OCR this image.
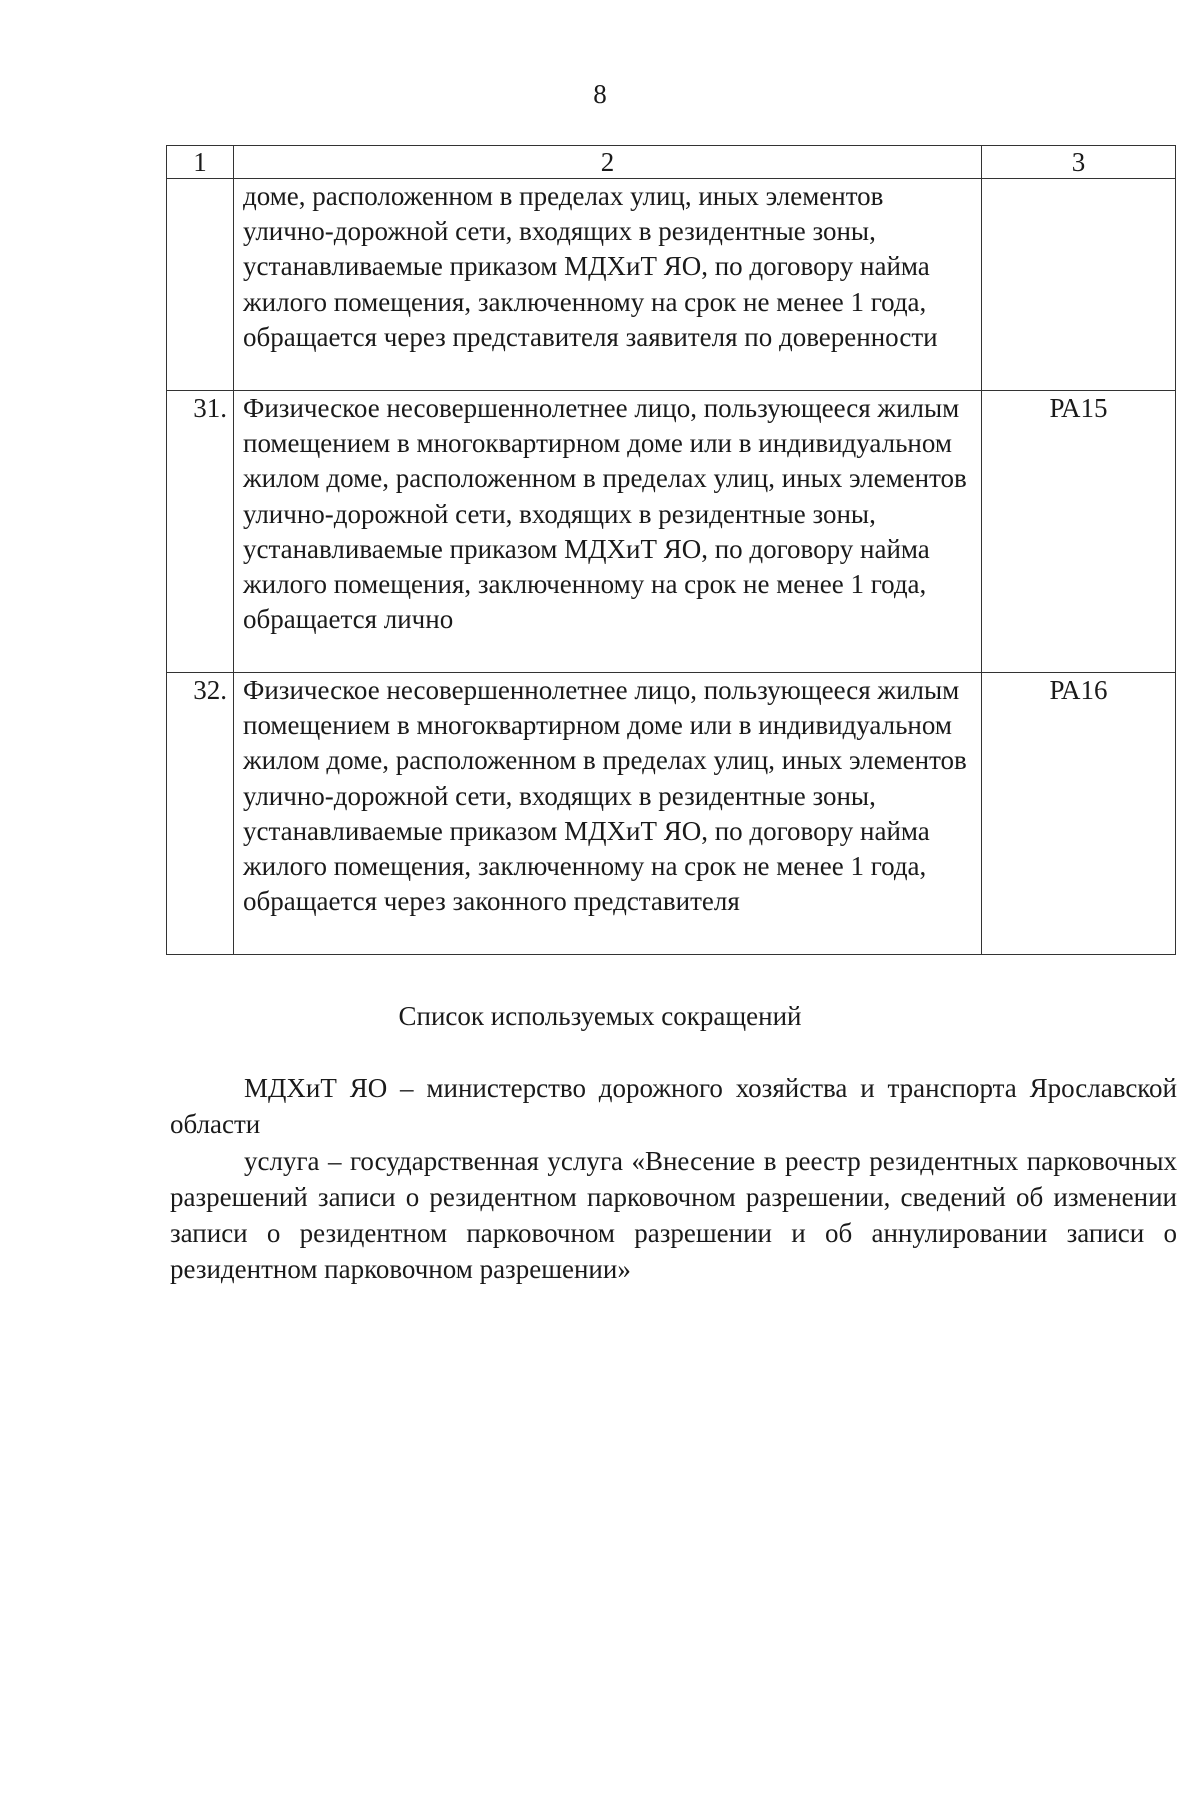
8
1	2	3
	доме, расположенном в пределах улиц, иных элементов улично-дорожной сети, входящих в резидентные зоны, устанавливаемые приказом МДХиТ ЯО, по договору найма жилого помещения, заключенному на срок не менее 1 года, обращается через представителя заявителя по доверенности	
31.	Физическое несовершеннолетнее лицо, пользующееся жилым помещением в многоквартирном доме или в индивидуальном жилом доме, расположенном в пределах улиц, иных элементов улично-дорожной сети, входящих в резидентные зоны, устанавливаемые приказом МДХиТ ЯО, по договору найма жилого помещения, заключенному на срок не менее 1 года, обращается лично	РА15
32.	Физическое несовершеннолетнее лицо, пользующееся жилым помещением в многоквартирном доме или в индивидуальном жилом доме, расположенном в пределах улиц, иных элементов улично-дорожной сети, входящих в резидентные зоны, устанавливаемые приказом МДХиТ ЯО, по договору найма жилого помещения, заключенному на срок не менее 1 года, обращается через законного представителя	РА16
Список используемых сокращений

МДХиТ ЯО – министерство дорожного хозяйства и транспорта Ярославской области

услуга – государственная услуга «Внесение в реестр резидентных парковочных разрешений записи о резидентном парковочном разрешении, сведений об изменении записи о резидентном парковочном разрешении и об аннулировании записи о резидентном парковочном разрешении»
